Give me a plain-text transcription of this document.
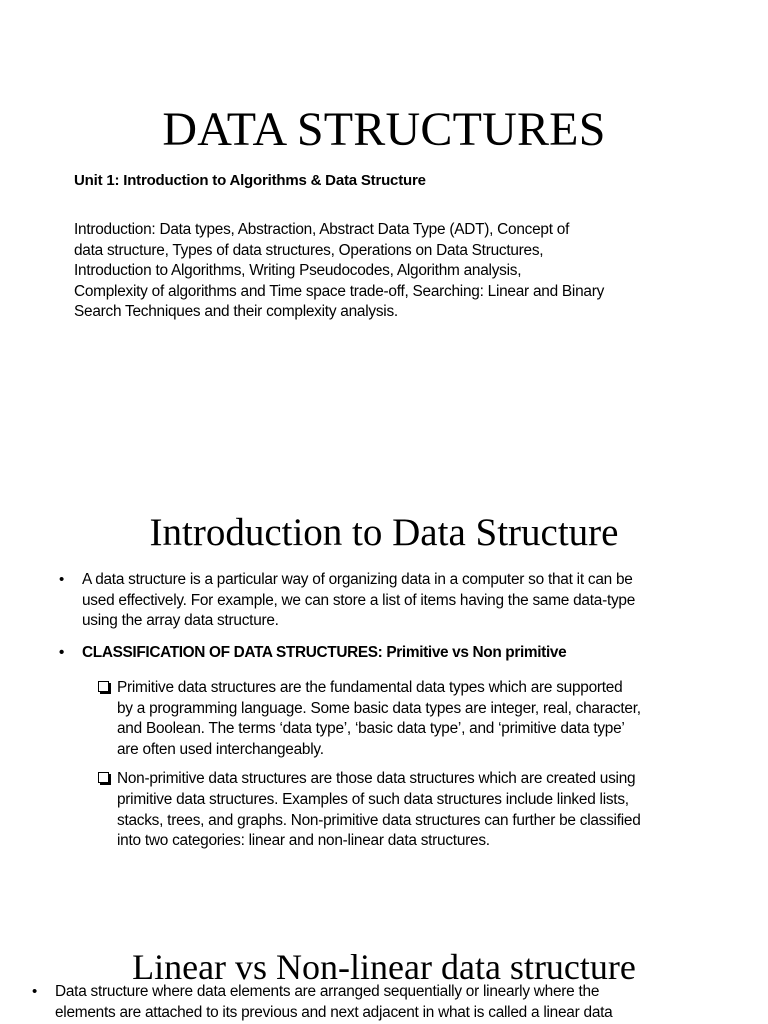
DATA STRUCTURES
Unit 1: Introduction to Algorithms & Data Structure
Introduction: Data types, Abstraction, Abstract Data Type (ADT), Concept of
data structure, Types of data structures, Operations on Data Structures,
Introduction to Algorithms, Writing Pseudocodes, Algorithm analysis,
Complexity of algorithms and Time space trade-off, Searching: Linear and Binary
Search Techniques and their complexity analysis.
Introduction to Data Structure
• A data structure is a particular way of organizing data in a computer so that it can be
used effectively. For example, we can store a list of items having the same data-type
using the array data structure.
• CLASSIFICATION OF DATA STRUCTURES: Primitive vs Non primitive
Primitive data structures are the fundamental data types which are supported
by a programming language. Some basic data types are integer, real, character,
and Boolean. The terms ‘data type’, ‘basic data type’, and ‘primitive data type’
are often used interchangeably.
Non-primitive data structures are those data structures which are created using
primitive data structures. Examples of such data structures include linked lists,
stacks, trees, and graphs. Non-primitive data structures can further be classified
into two categories: linear and non-linear data structures.
Linear vs Non-linear data structure
• Data structure where data elements are arranged sequentially or linearly where the
elements are attached to its previous and next adjacent in what is called a linear data
